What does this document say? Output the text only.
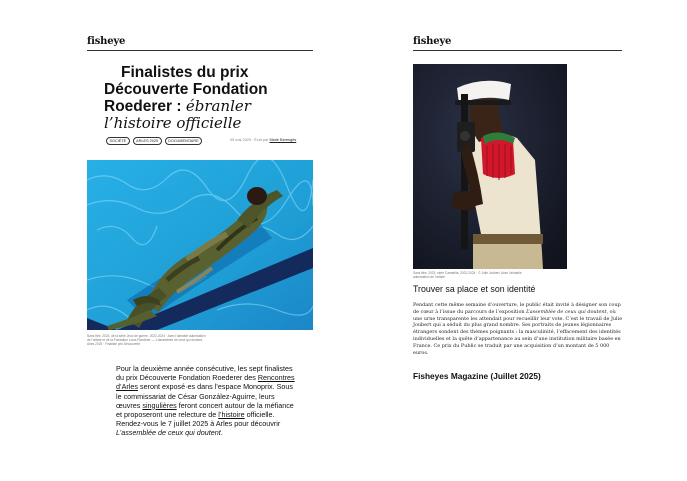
fisheye
Finalistes du prix
Découverte Fondation
Roederer : ébranler
l’histoire officielle
SOCIÉTÉ	ARLES 2025	DOCUMENTAIRE	05 mai 2025 · Écrit par Marie Berengès
Sans titre, 2023, de la série Jeux de guerre, 2022-2024 · Avec l’aimable autorisation de l’artiste et de la Fondation Louis Roederer — L’assemblée de ceux qui doutent, Arles 2025 · Finaliste prix Découverte
Pour la deuxième année consécutive, les sept finalistes du prix Découverte Fondation Roederer des Rencontres d’Arles seront exposé·es dans l’espace Monoprix. Sous le commissariat de César González-Aguirre, leurs œuvres singulières feront concert autour de la méfiance et proposeront une relecture de l’histoire officielle. Rendez-vous le 7 juillet 2025 à Arles pour découvrir L’assemblée de ceux qui doutent.
fisheye
Sans titre, 2023, série Camarilla, 2022-2024 · © Julie Joubert. Avec l’aimable autorisation de l’artiste
Trouver sa place et son identité
Pendant cette même semaine d’ouverture, le public était invité à désigner son coup de cœur à l’issue du parcours de l’exposition L’assemblée de ceux qui doutent, où une urne transparente les attendait pour recueillir leur vote. C’est le travail de Julie Joubert qui a séduit du plus grand nombre. Ses portraits de jeunes légionnaires étrangers sondent des thèmes poignants : la masculinité, l’effacement des identités individuelles et la quête d’appartenance au sein d’une institution militaire basée en France. Ce prix du Public se traduit par une acquisition d’un montant de 5 000 euros.
Fisheyes Magazine (Juillet 2025)
